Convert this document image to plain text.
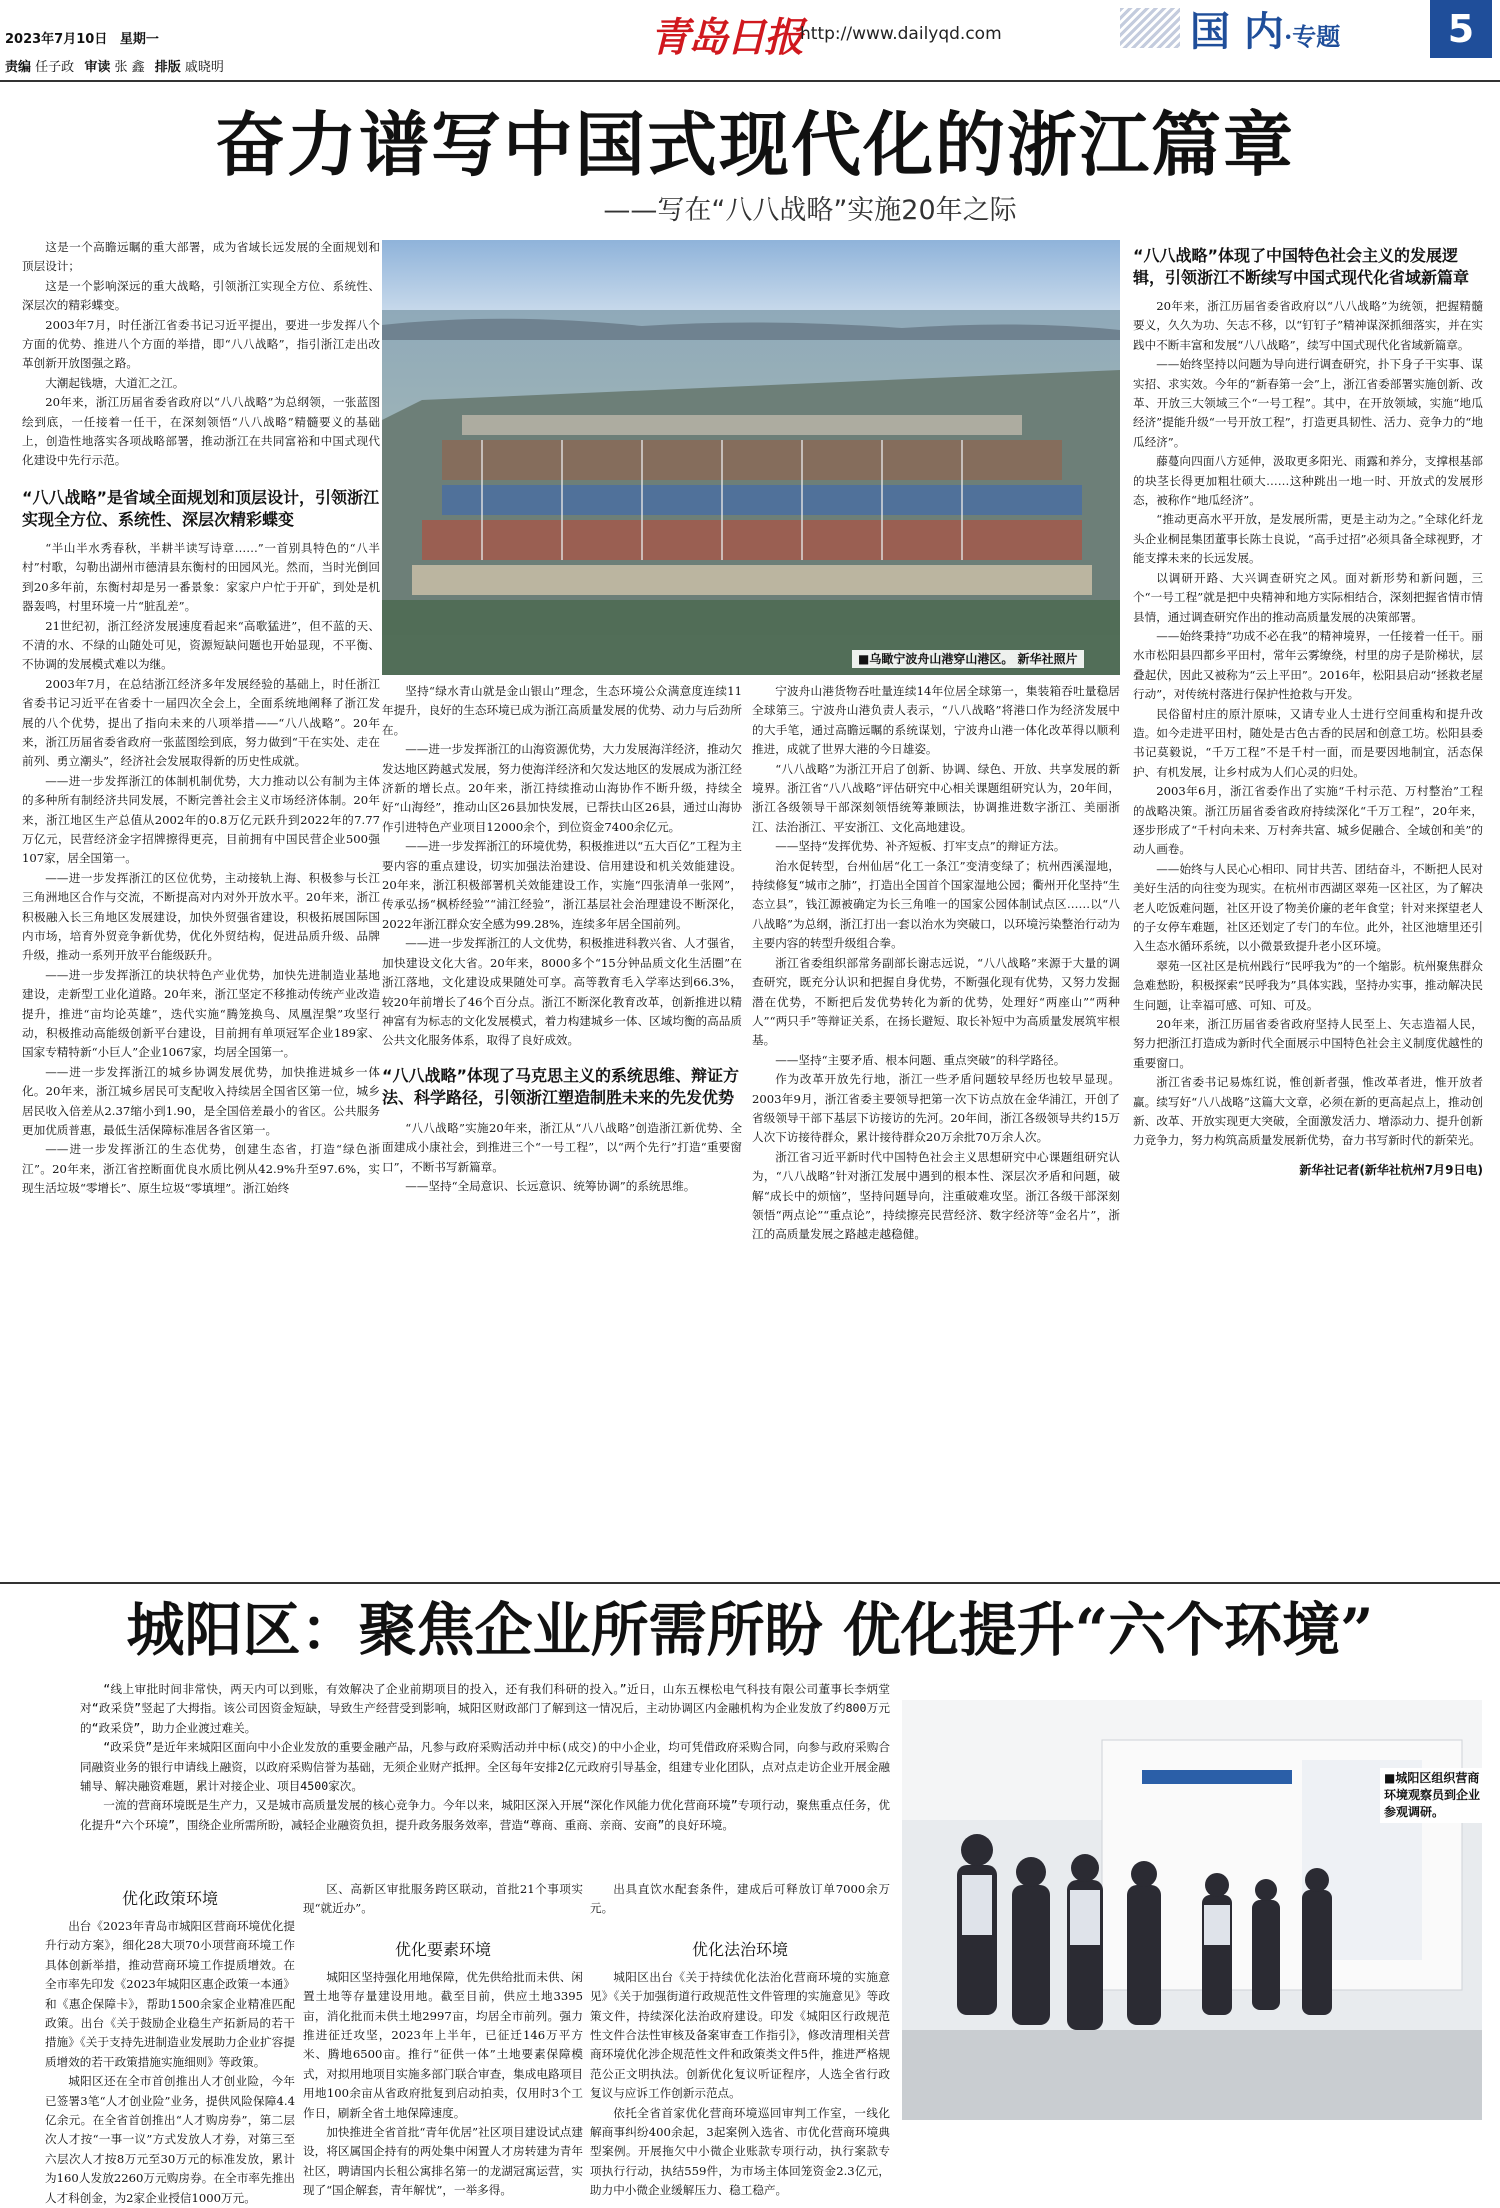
2023年7月10日 星期一
责编 任子政 审读 张 鑫 排版 戚晓明
青岛日报
http://www.dailyqd.com	国 内·专题	5
奋力谱写中国式现代化的浙江篇章
——写在“八八战略”实施20年之际

这是一个高瞻远瞩的重大部署，成为省域长远发展的全面规划和顶层设计；

这是一个影响深远的重大战略，引领浙江实现全方位、系统性、深层次的精彩蝶变。

2003年7月，时任浙江省委书记习近平提出，要进一步发挥八个方面的优势、推进八个方面的举措，即“八八战略”，指引浙江走出改革创新开放图强之路。

大潮起钱塘，大道汇之江。

20年来，浙江历届省委省政府以“八八战略”为总纲领，一张蓝图绘到底，一任接着一任干，在深刻领悟“八八战略”精髓要义的基础上，创造性地落实各项战略部署，推动浙江在共同富裕和中国式现代化建设中先行示范。

“八八战略”是省域全面规划和顶层设计，引领浙江实现全方位、系统性、深层次精彩蝶变

“半山半水秀春秋，半耕半读写诗章……”一首别具特色的“八半村”村歌，勾勒出湖州市德清县东衡村的田园风光。然而，当时光倒回到20多年前，东衡村却是另一番景象：家家户户忙于开矿，到处是机器轰鸣，村里环境一片“脏乱差”。

21世纪初，浙江经济发展速度看起来“高歌猛进”，但不蓝的天、不清的水、不绿的山随处可见，资源短缺问题也开始显现，不平衡、不协调的发展模式难以为继。

2003年7月，在总结浙江经济多年发展经验的基础上，时任浙江省委书记习近平在省委十一届四次全会上，全面系统地阐释了浙江发展的八个优势，提出了指向未来的八项举措——“八八战略”。20年来，浙江历届省委省政府一张蓝图绘到底，努力做到“干在实处、走在前列、勇立潮头”，经济社会发展取得新的历史性成就。

——进一步发挥浙江的体制机制优势，大力推动以公有制为主体的多种所有制经济共同发展，不断完善社会主义市场经济体制。20年来，浙江地区生产总值从2002年的0.8万亿元跃升到2022年的7.77万亿元，民营经济金字招牌擦得更亮，目前拥有中国民营企业500强107家，居全国第一。

——进一步发挥浙江的区位优势，主动接轨上海、积极参与长江三角洲地区合作与交流，不断提高对内对外开放水平。20年来，浙江积极融入长三角地区发展建设，加快外贸强省建设，积极拓展国际国内市场，培育外贸竞争新优势，优化外贸结构，促进品质升级、品牌升级，推动一系列开放平台能级跃升。

——进一步发挥浙江的块状特色产业优势，加快先进制造业基地建设，走新型工业化道路。20年来，浙江坚定不移推动传统产业改造提升，推进“亩均论英雄”，迭代实施“腾笼换鸟、凤凰涅槃”攻坚行动，积极推动高能级创新平台建设，目前拥有单项冠军企业189家、国家专精特新“小巨人”企业1067家，均居全国第一。

——进一步发挥浙江的城乡协调发展优势，加快推进城乡一体化。20年来，浙江城乡居民可支配收入持续居全国省区第一位，城乡居民收入倍差从2.37缩小到1.90，是全国倍差最小的省区。公共服务更加优质普惠，最低生活保障标准居各省区第一。

——进一步发挥浙江的生态优势，创建生态省，打造“绿色浙江”。20年来，浙江省控断面优良水质比例从42.9%升至97.6%，实现生活垃圾“零增长”、原生垃圾“零填埋”。浙江始终

■乌瞰宁波舟山港穿山港区。 新华社照片

坚持“绿水青山就是金山银山”理念，生态环境公众满意度连续11年提升，良好的生态环境已成为浙江高质量发展的优势、动力与后劲所在。

——进一步发挥浙江的山海资源优势，大力发展海洋经济，推动欠发达地区跨越式发展，努力使海洋经济和欠发达地区的发展成为浙江经济新的增长点。20年来，浙江持续推动山海协作不断升级，持续全好“山海经”，推动山区26县加快发展，已帮扶山区26县，通过山海协作引进特色产业项目12000余个，到位资金7400余亿元。

——进一步发挥浙江的环境优势，积极推进以“五大百亿”工程为主要内容的重点建设，切实加强法治建设、信用建设和机关效能建设。20年来，浙江积极部署机关效能建设工作，实施“四张清单一张网”，传承弘扬“枫桥经验”“浦江经验”，浙江基层社会治理建设不断深化，2022年浙江群众安全感为99.28%，连续多年居全国前列。

——进一步发挥浙江的人文优势，积极推进科教兴省、人才强省，加快建设文化大省。20年来，8000多个“15分钟品质文化生活圈”在浙江落地，文化建设成果随处可享。高等教育毛入学率达到66.3%，较20年前增长了46个百分点。浙江不断深化教育改革，创新推进以精神富有为标志的文化发展模式，着力构建城乡一体、区域均衡的高品质公共文化服务体系，取得了良好成效。

“八八战略”体现了马克思主义的系统思维、辩证方法、科学路径，引领浙江塑造制胜未来的先发优势

“八八战略”实施20年来，浙江从“八八战略”创造浙江新优势、全面建成小康社会，到推进三个“一号工程”，以“两个先行”打造“重要窗口”，不断书写新篇章。

——坚持“全局意识、长远意识、统筹协调”的系统思维。

宁波舟山港货物吞吐量连续14年位居全球第一，集装箱吞吐量稳居全球第三。宁波舟山港负责人表示，“八八战略”将港口作为经济发展中的大手笔，通过高瞻远瞩的系统谋划，宁波舟山港一体化改革得以顺利推进，成就了世界大港的今日雄姿。

“八八战略”为浙江开启了创新、协调、绿色、开放、共享发展的新境界。浙江省“八八战略”评估研究中心相关课题组研究认为，20年间，浙江各级领导干部深刻领悟统筹兼顾法，协调推进数字浙江、美丽浙江、法治浙江、平安浙江、文化高地建设。

——坚持“发挥优势、补齐短板、打牢支点”的辩证方法。

治水促转型，台州仙居“化工一条江”变清变绿了；杭州西溪湿地，持续修复“城市之肺”，打造出全国首个国家湿地公园；衢州开化坚持“生态立县”，钱江源被确定为长三角唯一的国家公园体制试点区……以“八八战略”为总纲，浙江打出一套以治水为突破口，以环境污染整治行动为主要内容的转型升级组合拳。

浙江省委组织部常务副部长谢志远说，“八八战略”来源于大量的调查研究，既充分认识和把握自身优势，不断强化现有优势，又努力发掘潜在优势，不断把后发优势转化为新的优势，处理好“两座山”“两种人”“两只手”等辩证关系，在扬长避短、取长补短中为高质量发展筑牢根基。

——坚持“主要矛盾、根本问题、重点突破”的科学路径。

作为改革开放先行地，浙江一些矛盾问题较早经历也较早显现。2003年9月，浙江省委主要领导把第一次下访点放在金华浦江，开创了省级领导干部下基层下访接访的先河。20年间，浙江各级领导共约15万人次下访接待群众，累计接待群众20万余批70万余人次。

浙江省习近平新时代中国特色社会主义思想研究中心课题组研究认为，“八八战略”针对浙江发展中遇到的根本性、深层次矛盾和问题，破解“成长中的烦恼”，坚持问题导向，注重破难攻坚。浙江各级干部深刻领悟“两点论”“重点论”，持续擦亮民营经济、数字经济等“金名片”，浙江的高质量发展之路越走越稳健。

“八八战略”体现了中国特色社会主义的发展逻辑，引领浙江不断续写中国式现代化省域新篇章

20年来，浙江历届省委省政府以“八八战略”为统领，把握精髓要义，久久为功、矢志不移，以“钉钉子”精神谋深抓细落实，并在实践中不断丰富和发展“八八战略”，续写中国式现代化省域新篇章。

——始终坚持以问题为导向进行调查研究，扑下身子干实事、谋实招、求实效。今年的“新春第一会”上，浙江省委部署实施创新、改革、开放三大领域三个“一号工程”。其中，在开放领域，实施“地瓜经济”提能升级“一号开放工程”，打造更具韧性、活力、竞争力的“地瓜经济”。

藤蔓向四面八方延伸，汲取更多阳光、雨露和养分，支撑根基部的块茎长得更加粗壮硕大……这种跳出一地一时、开放式的发展形态，被称作“地瓜经济”。

“推动更高水平开放，是发展所需，更是主动为之。”全球化纤龙头企业桐昆集团董事长陈士良说，“高手过招”必须具备全球视野，才能支撑未来的长远发展。

以调研开路、大兴调查研究之风。面对新形势和新问题，三个“一号工程”就是把中央精神和地方实际相结合，深刻把握省情市情县情，通过调查研究作出的推动高质量发展的决策部署。

——始终秉持“功成不必在我”的精神境界，一任接着一任干。丽水市松阳县四都乡平田村，常年云雾缭绕，村里的房子是阶梯状，层叠起伏，因此又被称为“云上平田”。2016年，松阳县启动“拯救老屋行动”，对传统村落进行保护性抢救与开发。

民俗留村庄的原汁原味，又请专业人士进行空间重构和提升改造。如今走进平田村，随处是古色古香的民居和创意工坊。松阳县委书记莫毅说，“千万工程”不是千村一面，而是要因地制宜，活态保护、有机发展，让乡村成为人们心灵的归处。

2003年6月，浙江省委作出了实施“千村示范、万村整治”工程的战略决策。浙江历届省委省政府持续深化“千万工程”，20年来，逐步形成了“千村向未来、万村奔共富、城乡促融合、全域创和美”的动人画卷。

——始终与人民心心相印、同甘共苦、团结奋斗，不断把人民对美好生活的向往变为现实。在杭州市西湖区翠苑一区社区，为了解决老人吃饭难问题，社区开设了物美价廉的老年食堂；针对来探望老人的子女停车难题，社区还划定了专门的车位。此外，社区池塘里还引入生态水循环系统，以小微景致提升老小区环境。

翠苑一区社区是杭州践行“民呼我为”的一个缩影。杭州聚焦群众急难愁盼，积极探索“民呼我为”具体实践，坚持办实事，推动解决民生问题，让幸福可感、可知、可及。

20年来，浙江历届省委省政府坚持人民至上、矢志造福人民，努力把浙江打造成为新时代全面展示中国特色社会主义制度优越性的重要窗口。

浙江省委书记易炼红说，惟创新者强，惟改革者进，惟开放者赢。续写好“八八战略”这篇大文章，必须在新的更高起点上，推动创新、改革、开放实现更大突破，全面激发活力、增添动力、提升创新力竞争力，努力构筑高质量发展新优势，奋力书写新时代的新荣光。

新华社记者(新华社杭州7月9日电)
城阳区：聚焦企业所需所盼 优化提升“六个环境”

“线上审批时间非常快，两天内可以到账，有效解决了企业前期项目的投入，还有我们科研的投入。”近日，山东五棵松电气科技有限公司董事长李炳堂对“政采贷”竖起了大拇指。该公司因资金短缺，导致生产经营受到影响，城阳区财政部门了解到这一情况后，主动协调区内金融机构为企业发放了约800万元的“政采贷”，助力企业渡过难关。

“政采贷”是近年来城阳区面向中小企业发放的重要金融产品，凡参与政府采购活动并中标(成交)的中小企业，均可凭借政府采购合同，向参与政府采购合同融资业务的银行申请线上融资，以政府采购信誉为基础，无须企业财产抵押。全区每年安排2亿元政府引导基金，组建专业化团队，点对点走访企业开展金融辅导、解决融资难题，累计对接企业、项目4500家次。

一流的营商环境既是生产力，又是城市高质量发展的核心竞争力。今年以来，城阳区深入开展“深化作风能力优化营商环境”专项行动，聚焦重点任务，优化提升“六个环境”，围绕企业所需所盼，减轻企业融资负担，提升政务服务效率，营造“尊商、重商、亲商、安商”的良好环境。

■城阳区组织营商环境观察员到企业参观调研。
优化政策环境

出台《2023年青岛市城阳区营商环境优化提升行动方案》，细化28大项70小项营商环境工作具体创新举措，推动营商环境工作提质增效。在全市率先印发《2023年城阳区惠企政策一本通》和《惠企保障卡》，帮助1500余家企业精准匹配政策。出台《关于鼓励企业稳生产拓新局的若干措施》《关于支持先进制造业发展助力企业扩容提质增效的若干政策措施实施细则》等政策。

城阳区还在全市首创推出人才创业险，今年已签署3笔“人才创业险”业务，提供风险保障4.4亿余元。在全省首创推出“人才购房券”，第二层次人才按“一事一议”方式发放人才券，对第三至六层次人才按8万元至30万元的标准发放，累计为160人发放2260万元购房券。在全市率先推出人才科创金，为2家企业授信1000万元。

区、高新区审批服务跨区联动，首批21个事项实现“就近办”。

优化要素环境

城阳区坚持强化用地保障，优先供给批而未供、闲置土地等存量建设用地。截至目前，供应土地3395亩，消化批而未供土地2997亩，均居全市前列。强力推进征迁攻坚，2023年上半年，已征迁146万平方米、腾地6500亩。推行“征供一体”土地要素保障模式，对拟用地项目实施多部门联合审查，集成电路项目用地100余亩从省政府批复到启动拍卖，仅用时3个工作日，刷新全省土地保障速度。

加快推进全省首批“青年优居”社区项目建设试点建设，将区属国企持有的两处集中闲置人才房转建为青年社区，聘请国内长租公寓排名第一的龙湖冠寓运营，实现了“国企解套，青年解忧”，一举多得。

出具直饮水配套条件，建成后可释放订单7000余万元。

优化法治环境

城阳区出台《关于持续优化法治化营商环境的实施意见》《关于加强街道行政规范性文件管理的实施意见》等政策文件，持续深化法治政府建设。印发《城阳区行政规范性文件合法性审核及备案审查工作指引》，修改清理相关营商环境优化涉企规范性文件和政策类文件5件，推进严格规范公正文明执法。创新优化复议听证程序，人选全省行政复议与应诉工作创新示范点。

依托全省首家优化营商环境巡回审判工作室，一线化解商事纠纷400余起，3起案例入选省、市优化营商环境典型案例。开展拖欠中小微企业账款专项行动，执行案款专项执行行动，执结559件，为市场主体回笼资金2.3亿元，助力中小微企业缓解压力、稳工稳产。
